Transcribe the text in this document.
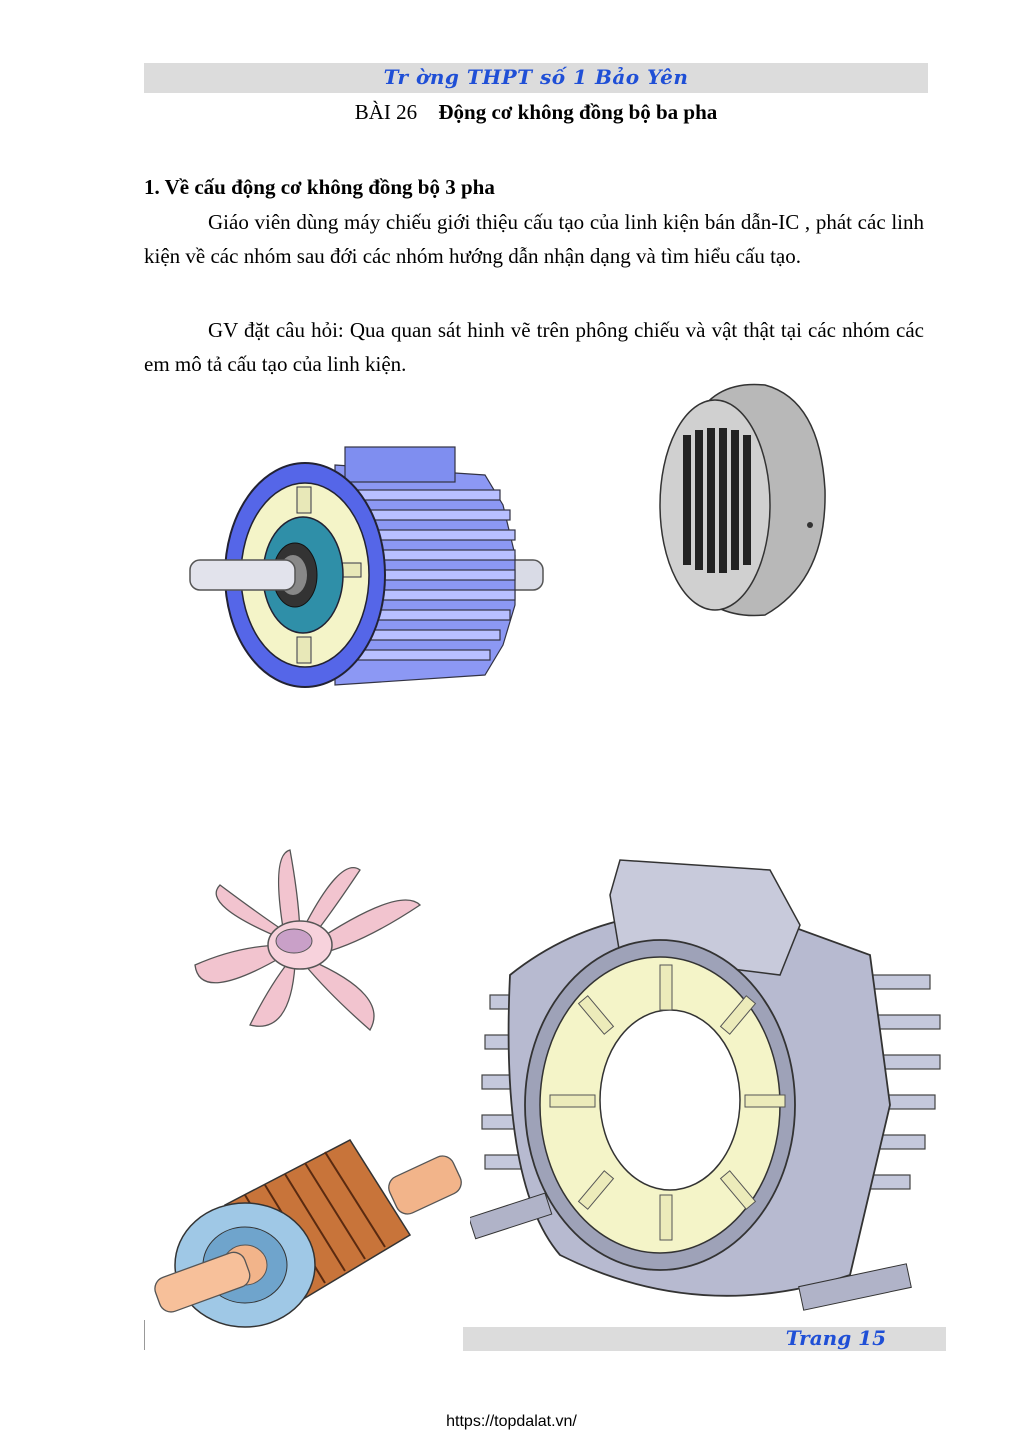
Tr ờng THPT số 1 Bảo Yên
BÀI 26 Động cơ không đồng bộ ba pha
1. Về cấu động cơ không đồng bộ 3 pha
Giáo viên dùng máy chiếu giới thiệu cấu tạo của linh kiện bán dẫn-IC , phát các linh kiện về các nhóm sau đới các nhóm hướng dẫn nhận dạng và tìm hiểu cấu tạo.
GV đặt câu hỏi: Qua quan sát hinh vẽ trên phông chiếu và vật thật tại các nhóm các em mô tả cấu tạo của linh kiện.
Trang 15
https://topdalat.vn/
